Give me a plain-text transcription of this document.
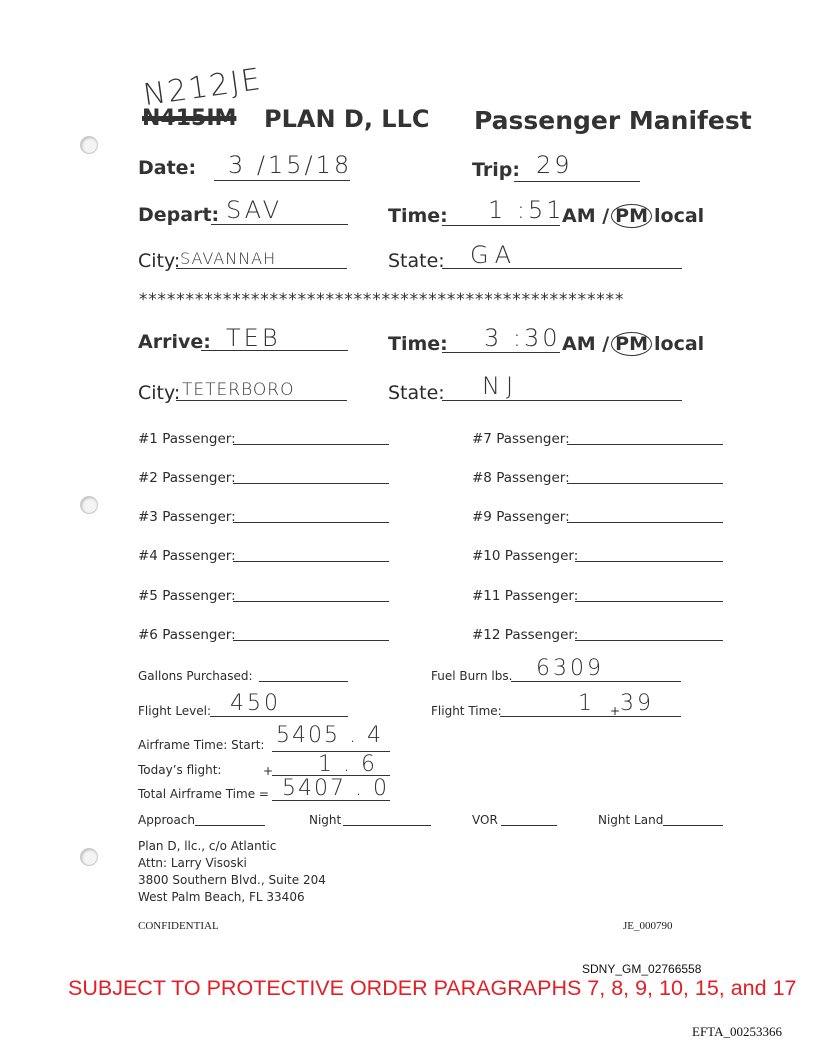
N212JE
N415IM PLAN D, LLC Passenger Manifest
Date: 3 /15/18	Trip: 29
Depart: SAV	Time: 1 :51
AM / PM local
City: SAVANNAH	State: GA
****************************************************
Arrive: TEB	Time: 3 :30 AM / PM local
City: TETERBORO	State: NJ
#1 Passenger:
#2 Passenger:
#3 Passenger:
#4 Passenger:
#5 Passenger:
#6 Passenger:
#7 Passenger:
#8 Passenger:
#9 Passenger:
#10 Passenger:
#11 Passenger:
#12 Passenger:
Gallons Purchased:	Fuel Burn lbs. 6309
Flight Level: 450	Flight Time:	1 + 39
Airframe Time: Start: 5405 . 4
Today’s flight:	+ 1 . 6
Total Airframe Time = 5407 . 0
Approach	Night	VOR	Night Land
Plan D, llc., c/o Atlantic
Attn: Larry Visoski
3800 Southern Blvd., Suite 204
West Palm Beach, FL 33406
CONFIDENTIAL	JE_000790
SDNY_GM_02766558
SUBJECT TO PROTECTIVE ORDER PARAGRAPHS 7, 8, 9, 10, 15, and 17
EFTA_00253366
